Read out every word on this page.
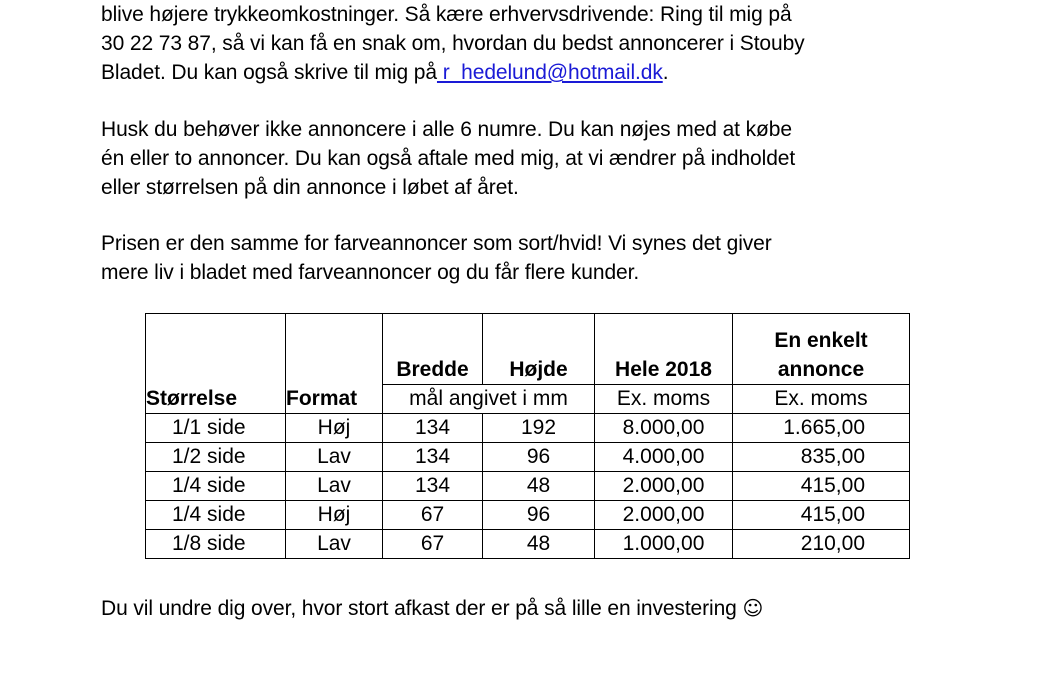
blive højere trykkeomkostninger. Så kære erhvervsdrivende: Ring til mig på
30 22 73 87, så vi kan få en snak om, hvordan du bedst annoncerer i Stouby
Bladet. Du kan også skrive til mig på r_hedelund@hotmail.dk.

Husk du behøver ikke annoncere i alle 6 numre. Du kan nøjes med at købe
én eller to annoncer. Du kan også aftale med mig, at vi ændrer på indholdet
eller størrelsen på din annonce i løbet af året.

Prisen er den samme for farveannoncer som sort/hvid! Vi synes det giver
mere liv i bladet med farveannoncer og du får flere kunder.

		Bredde	Højde	Hele 2018	En enkelt
annonce
Størrelse	Format	mål angivet i mm		Ex. moms	Ex. moms
1/1 side	Høj	134	192	8.000,00	1.665,00
1/2 side	Lav	134	96	4.000,00	835,00
1/4 side	Lav	134	48	2.000,00	415,00
1/4 side	Høj	67	96	2.000,00	415,00
1/8 side	Lav	67	48	1.000,00	210,00

Du vil undre dig over, hvor stort afkast der er på så lille en investering ☺
